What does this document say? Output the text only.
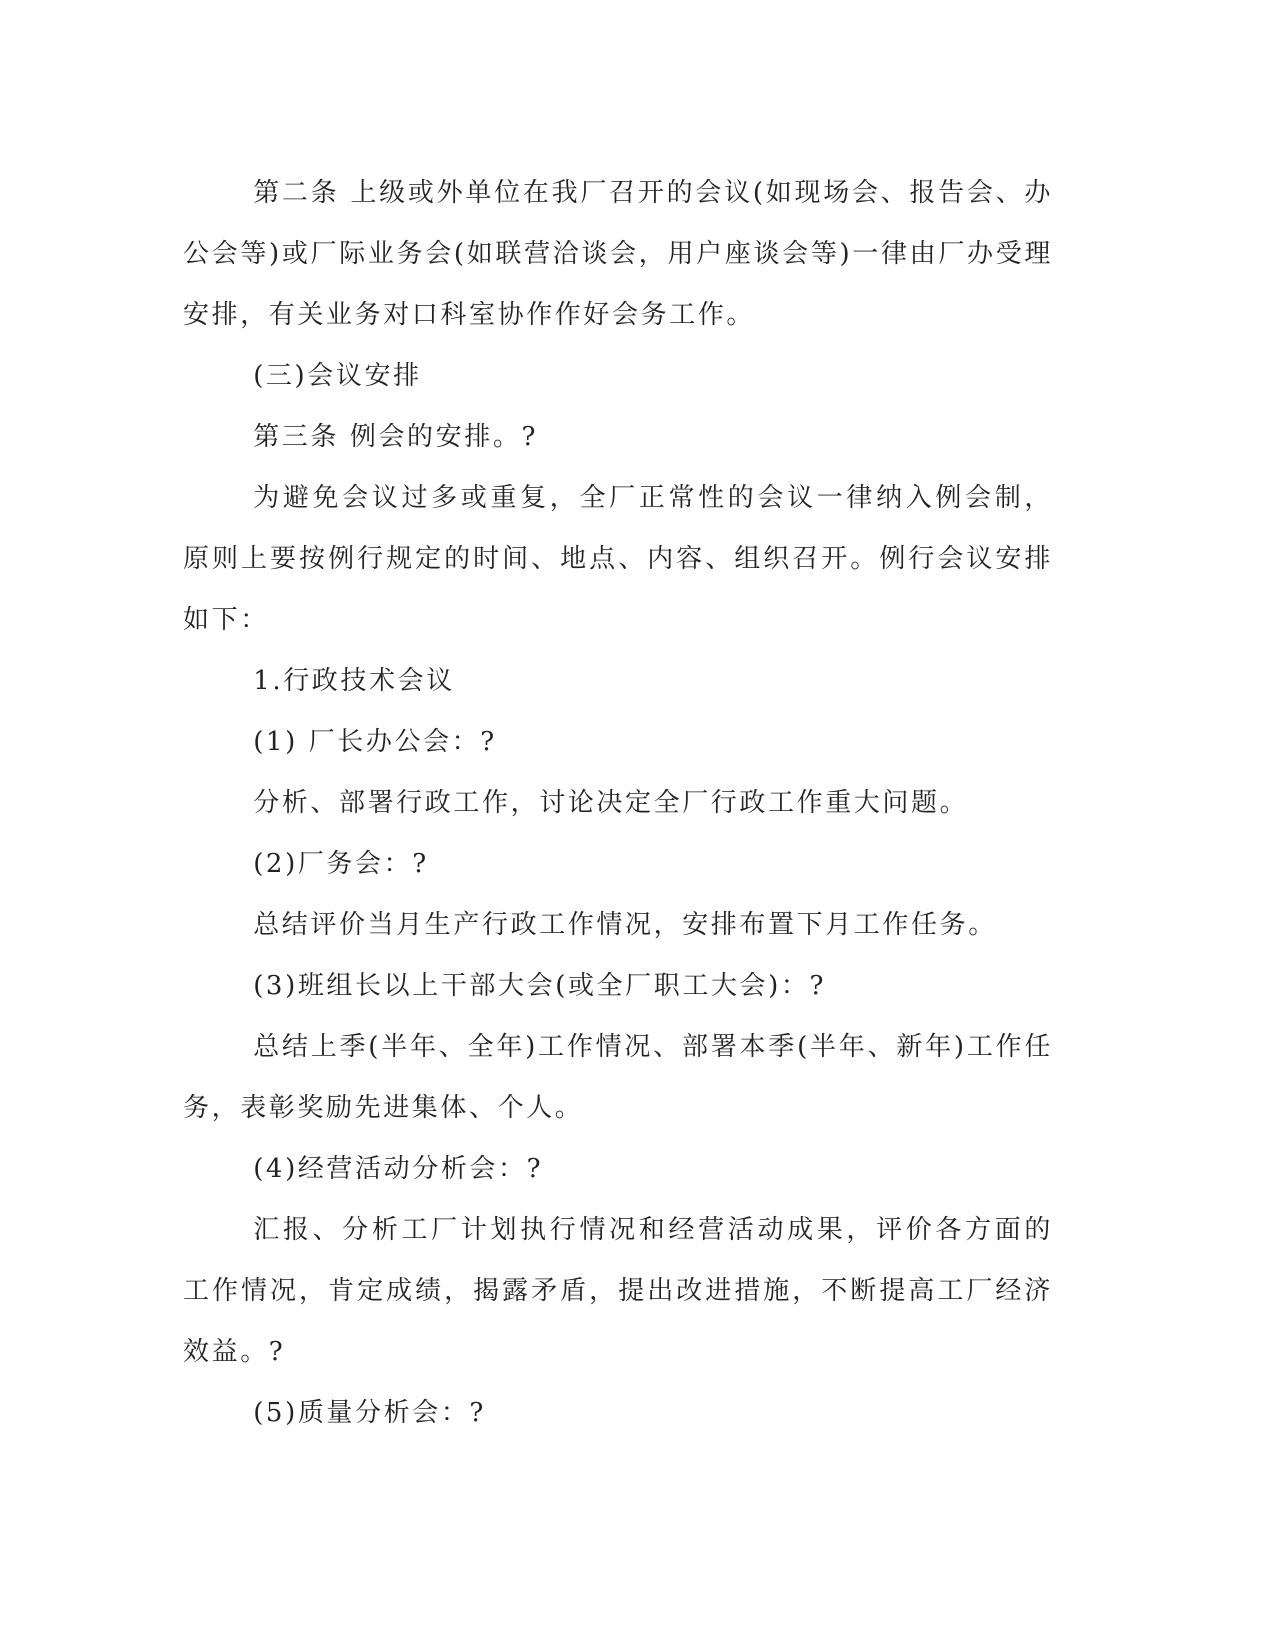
第二条 上级或外单位在我厂召开的会议(如现场会、报告会、办公会等)或厂际业务会(如联营洽谈会，用户座谈会等)一律由厂办受理安排，有关业务对口科室协作作好会务工作。

(三)会议安排

第三条 例会的安排。?

为避免会议过多或重复，全厂正常性的会议一律纳入例会制，原则上要按例行规定的时间、地点、内容、组织召开。例行会议安排如下：

1.行政技术会议

(1) 厂长办公会：?

分析、部署行政工作，讨论决定全厂行政工作重大问题。

(2)厂务会：?

总结评价当月生产行政工作情况，安排布置下月工作任务。

(3)班组长以上干部大会(或全厂职工大会)：?

总结上季(半年、全年)工作情况、部署本季(半年、新年)工作任务，表彰奖励先进集体、个人。

(4)经营活动分析会：?

汇报、分析工厂计划执行情况和经营活动成果，评价各方面的工作情况，肯定成绩，揭露矛盾，提出改进措施，不断提高工厂经济效益。?

(5)质量分析会：?
